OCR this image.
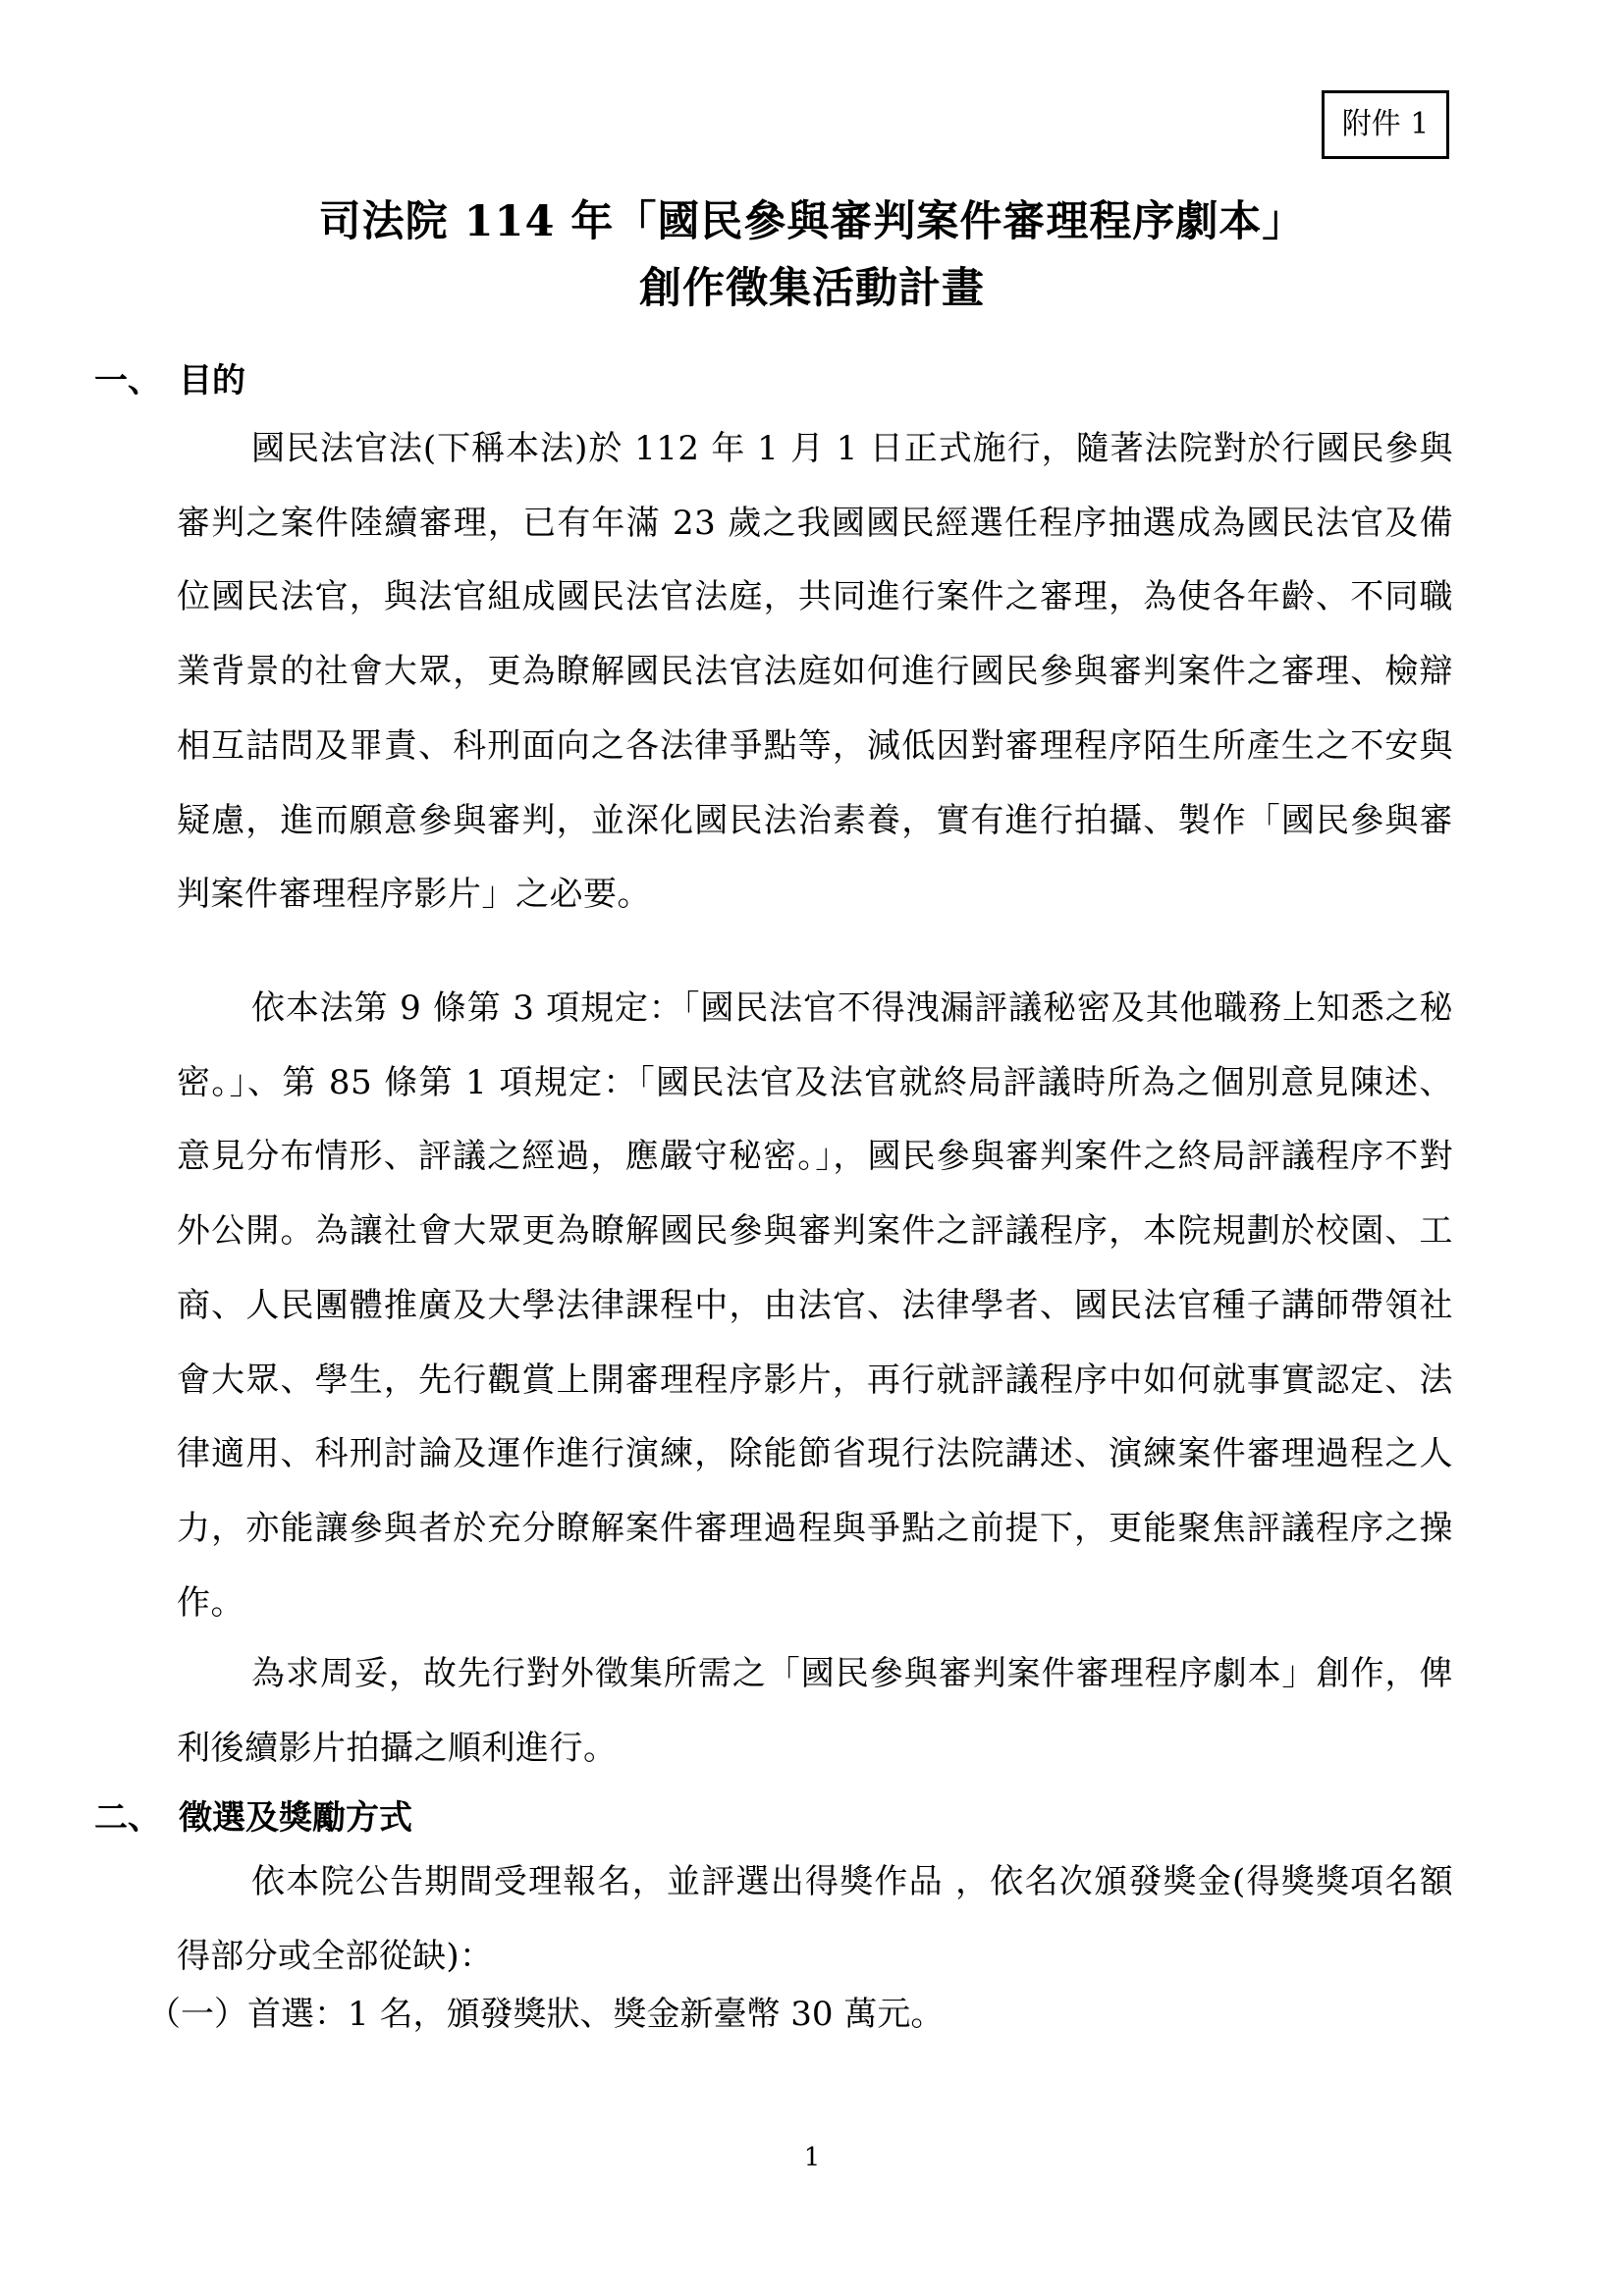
附件 1
司法院 114 年「國民參與審判案件審理程序劇本」
創作徵集活動計畫
一、 目的
國民法官法(下稱本法)於 112 年 1 月 1 日正式施行，隨著法院對於行國民參與審判之案件陸續審理，已有年滿 23 歲之我國國民經選任程序抽選成為國民法官及備位國民法官，與法官組成國民法官法庭，共同進行案件之審理，為使各年齡、不同職業背景的社會大眾，更為瞭解國民法官法庭如何進行國民參與審判案件之審理、檢辯相互詰問及罪責、科刑面向之各法律爭點等，減低因對審理程序陌生所產生之不安與疑慮，進而願意參與審判，並深化國民法治素養，實有進行拍攝、製作「國民參與審判案件審理程序影片」之必要。
依本法第 9 條第 3 項規定：「國民法官不得洩漏評議秘密及其他職務上知悉之秘密。」、第 85 條第 1 項規定：「國民法官及法官就終局評議時所為之個別意見陳述、意見分布情形、評議之經過，應嚴守秘密。」，國民參與審判案件之終局評議程序不對外公開。為讓社會大眾更為瞭解國民參與審判案件之評議程序，本院規劃於校園、工商、人民團體推廣及大學法律課程中，由法官、法律學者、國民法官種子講師帶領社會大眾、學生，先行觀賞上開審理程序影片，再行就評議程序中如何就事實認定、法律適用、科刑討論及運作進行演練，除能節省現行法院講述、演練案件審理過程之人力，亦能讓參與者於充分瞭解案件審理過程與爭點之前提下，更能聚焦評議程序之操作。
為求周妥，故先行對外徵集所需之「國民參與審判案件審理程序劇本」創作，俾利後續影片拍攝之順利進行。
二、 徵選及獎勵方式
依本院公告期間受理報名，並評選出得獎作品 ，依名次頒發獎金(得獎獎項名額得部分或全部從缺)：
（一）首選：1 名，頒發獎狀、獎金新臺幣 30 萬元。
1
